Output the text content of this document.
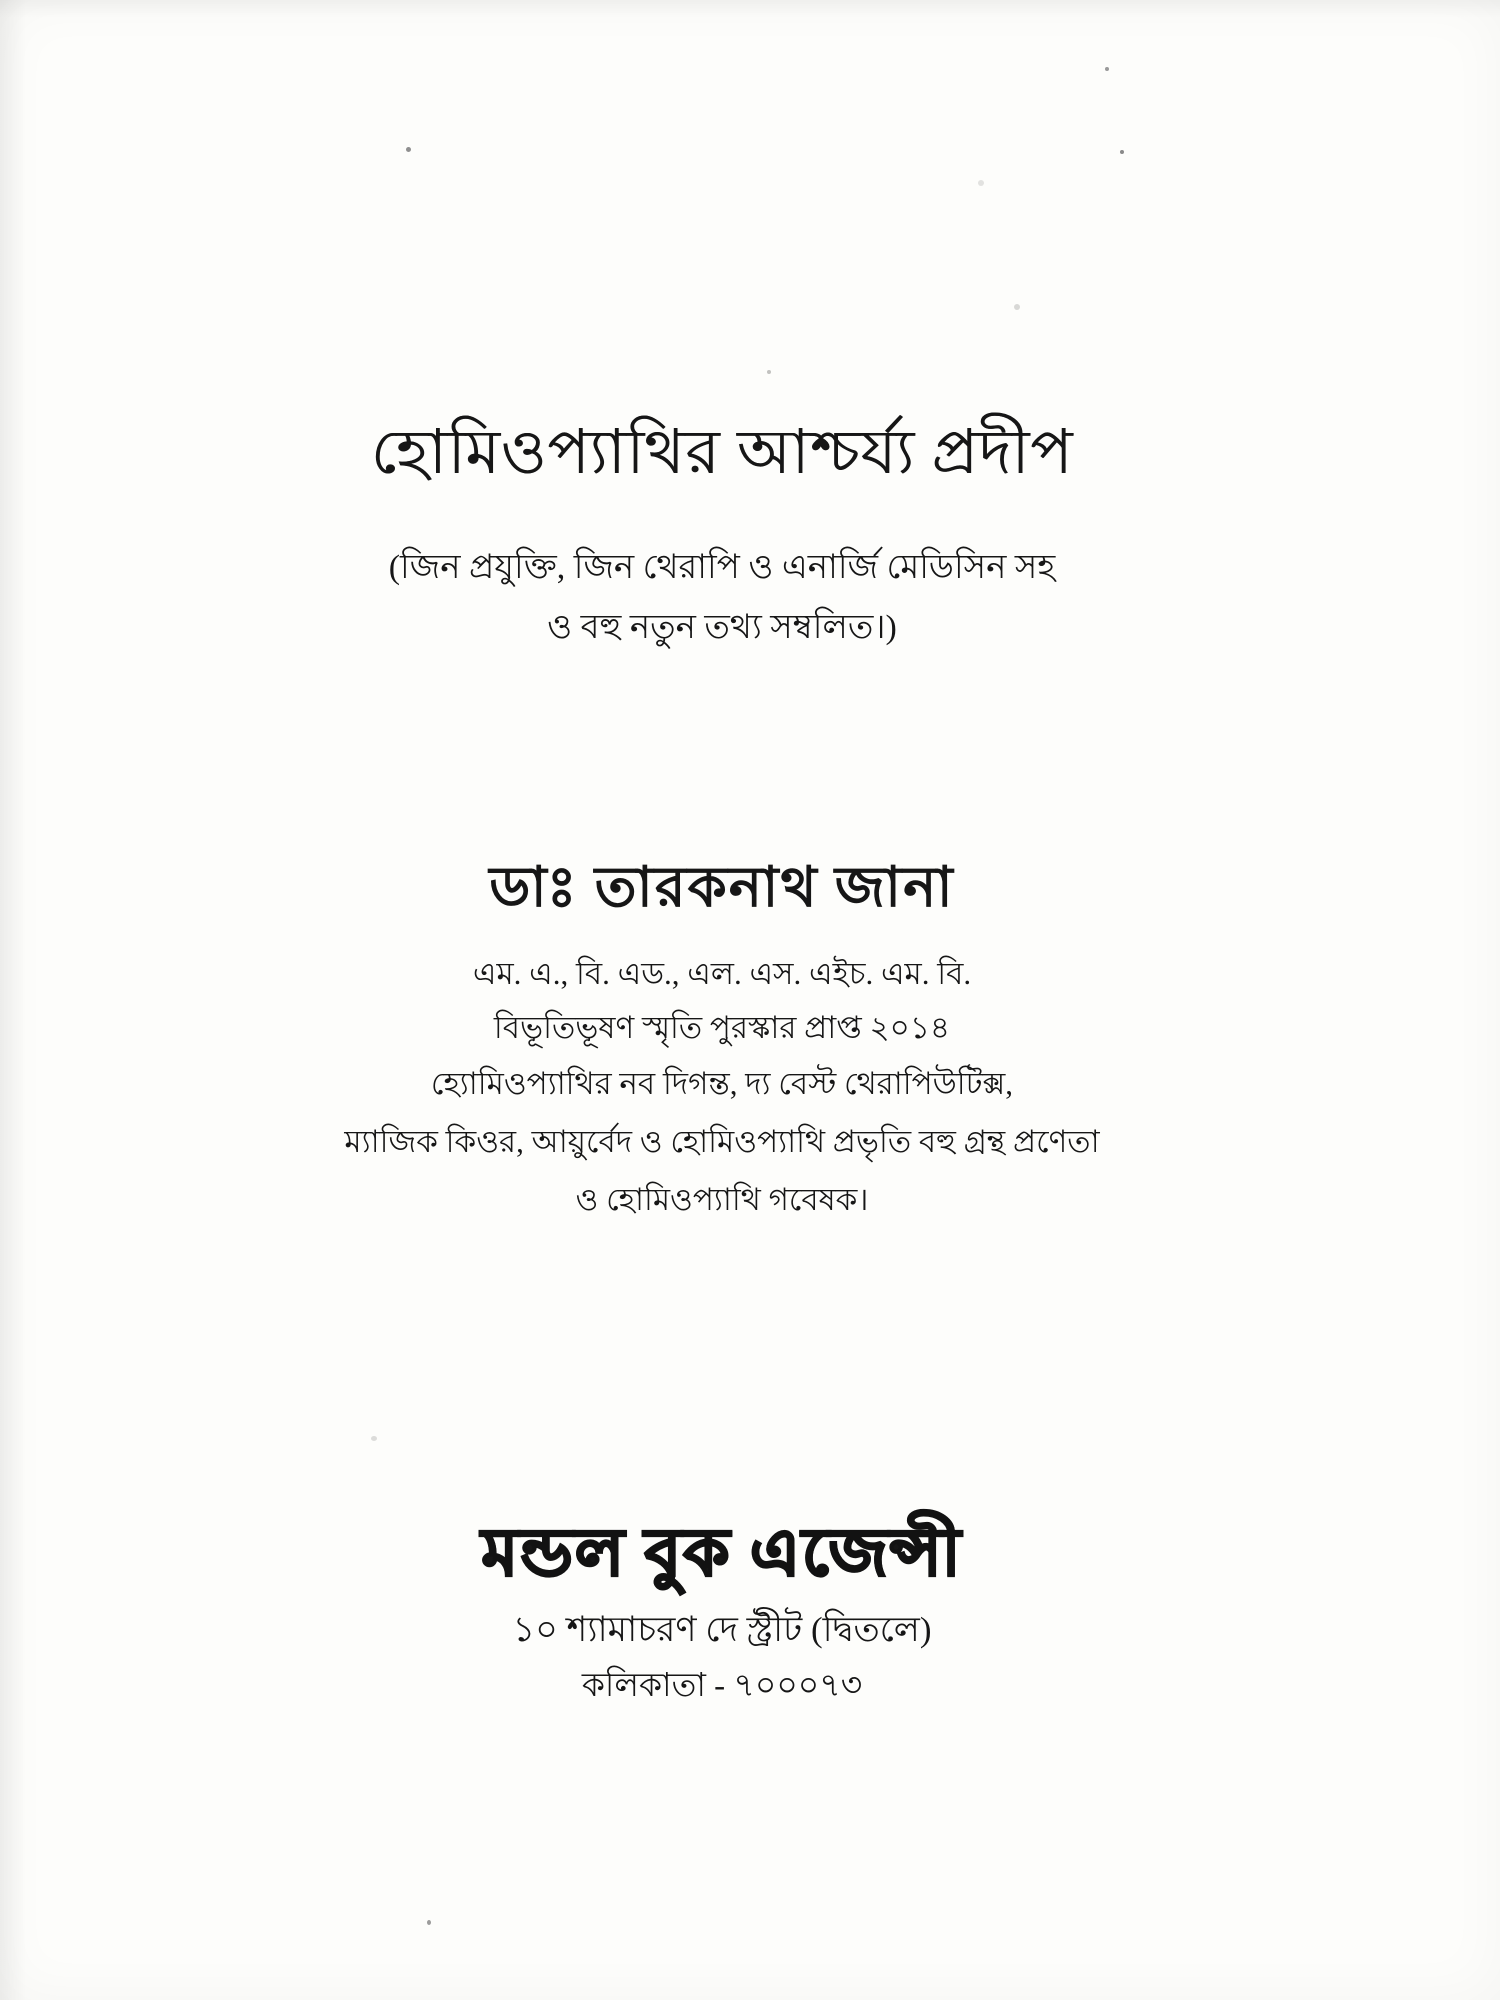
হোমিওপ্যাথির আশ্চর্য্য প্রদীপ
(জিন প্রযুক্তি, জিন থেরাপি ও এনার্জি মেডিসিন সহ
ও বহু নতুন তথ্য সম্বলিত।)
ডাঃ তারকনাথ জানা
এম. এ., বি. এড., এল. এস. এইচ. এম. বি.
বিভূতিভূষণ স্মৃতি পুরস্কার প্রাপ্ত ২০১৪
হ্যোমিওপ্যাথির নব দিগন্ত, দ্য বেস্ট থেরাপিউটিক্স,
ম্যাজিক কিওর, আয়ুর্বেদ ও হোমিওপ্যাথি প্রভৃতি বহু গ্রন্থ প্রণেতা
ও হোমিওপ্যাথি গবেষক।
মন্ডল বুক এজেন্সী
১০ শ্যামাচরণ দে স্ট্রীট (দ্বিতলে)
কলিকাতা - ৭০০০৭৩
